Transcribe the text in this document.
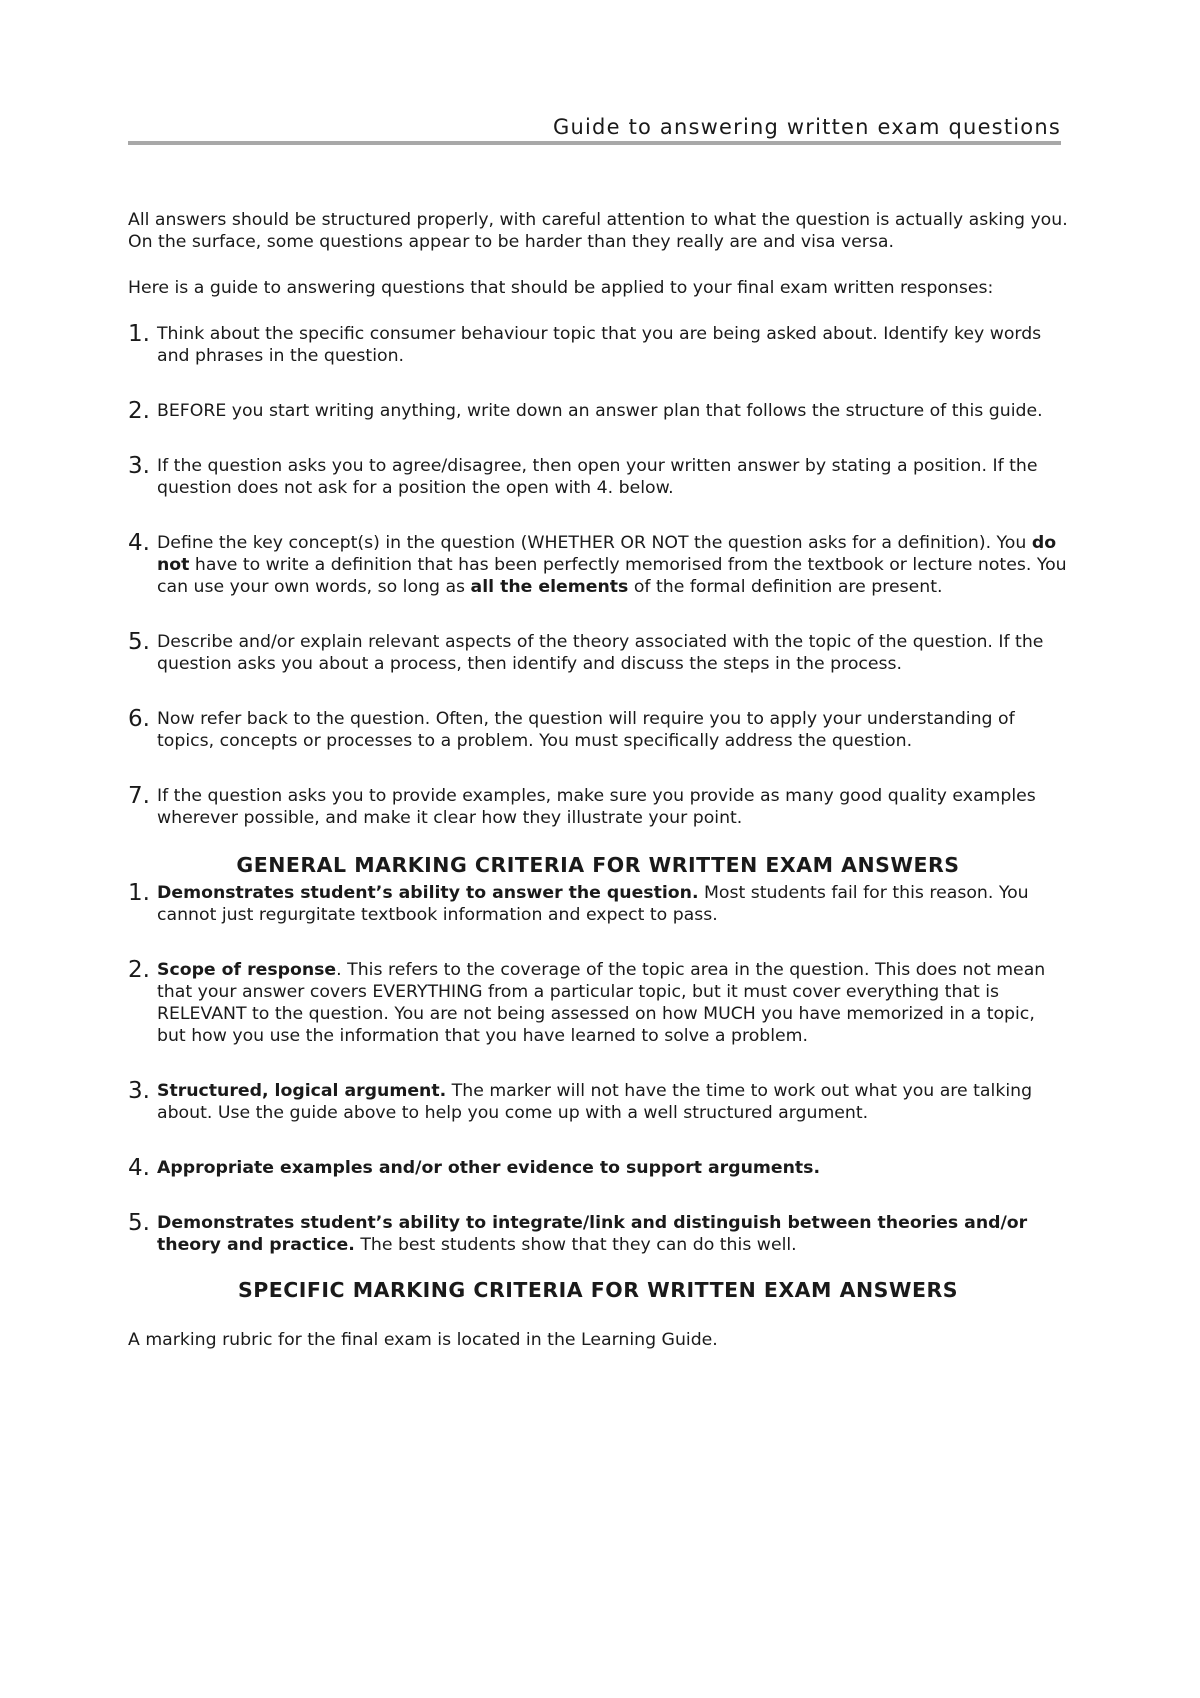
Guide to answering written exam questions

All answers should be structured properly, with careful attention to what the question is actually asking you. On the surface, some questions appear to be harder than they really are and visa versa.

Here is a guide to answering questions that should be applied to your final exam written responses:

1. Think about the specific consumer behaviour topic that you are being asked about. Identify key words and phrases in the question.
2. BEFORE you start writing anything, write down an answer plan that follows the structure of this guide.
3. If the question asks you to agree/disagree, then open your written answer by stating a position. If the question does not ask for a position the open with 4. below.
4. Define the key concept(s) in the question (WHETHER OR NOT the question asks for a definition). You do not have to write a definition that has been perfectly memorised from the textbook or lecture notes. You can use your own words, so long as all the elements of the formal definition are present.
5. Describe and/or explain relevant aspects of the theory associated with the topic of the question. If the question asks you about a process, then identify and discuss the steps in the process.
6. Now refer back to the question. Often, the question will require you to apply your understanding of topics, concepts or processes to a problem. You must specifically address the question.
7. If the question asks you to provide examples, make sure you provide as many good quality examples wherever possible, and make it clear how they illustrate your point.
GENERAL MARKING CRITERIA FOR WRITTEN EXAM ANSWERS
1. Demonstrates student’s ability to answer the question. Most students fail for this reason. You cannot just regurgitate textbook information and expect to pass.
2. Scope of response. This refers to the coverage of the topic area in the question. This does not mean that your answer covers EVERYTHING from a particular topic, but it must cover everything that is RELEVANT to the question. You are not being assessed on how MUCH you have memorized in a topic, but how you use the information that you have learned to solve a problem.
3. Structured, logical argument. The marker will not have the time to work out what you are talking about. Use the guide above to help you come up with a well structured argument.
4. Appropriate examples and/or other evidence to support arguments.
5. Demonstrates student’s ability to integrate/link and distinguish between theories and/or theory and practice. The best students show that they can do this well.
SPECIFIC MARKING CRITERIA FOR WRITTEN EXAM ANSWERS

A marking rubric for the final exam is located in the Learning Guide.
